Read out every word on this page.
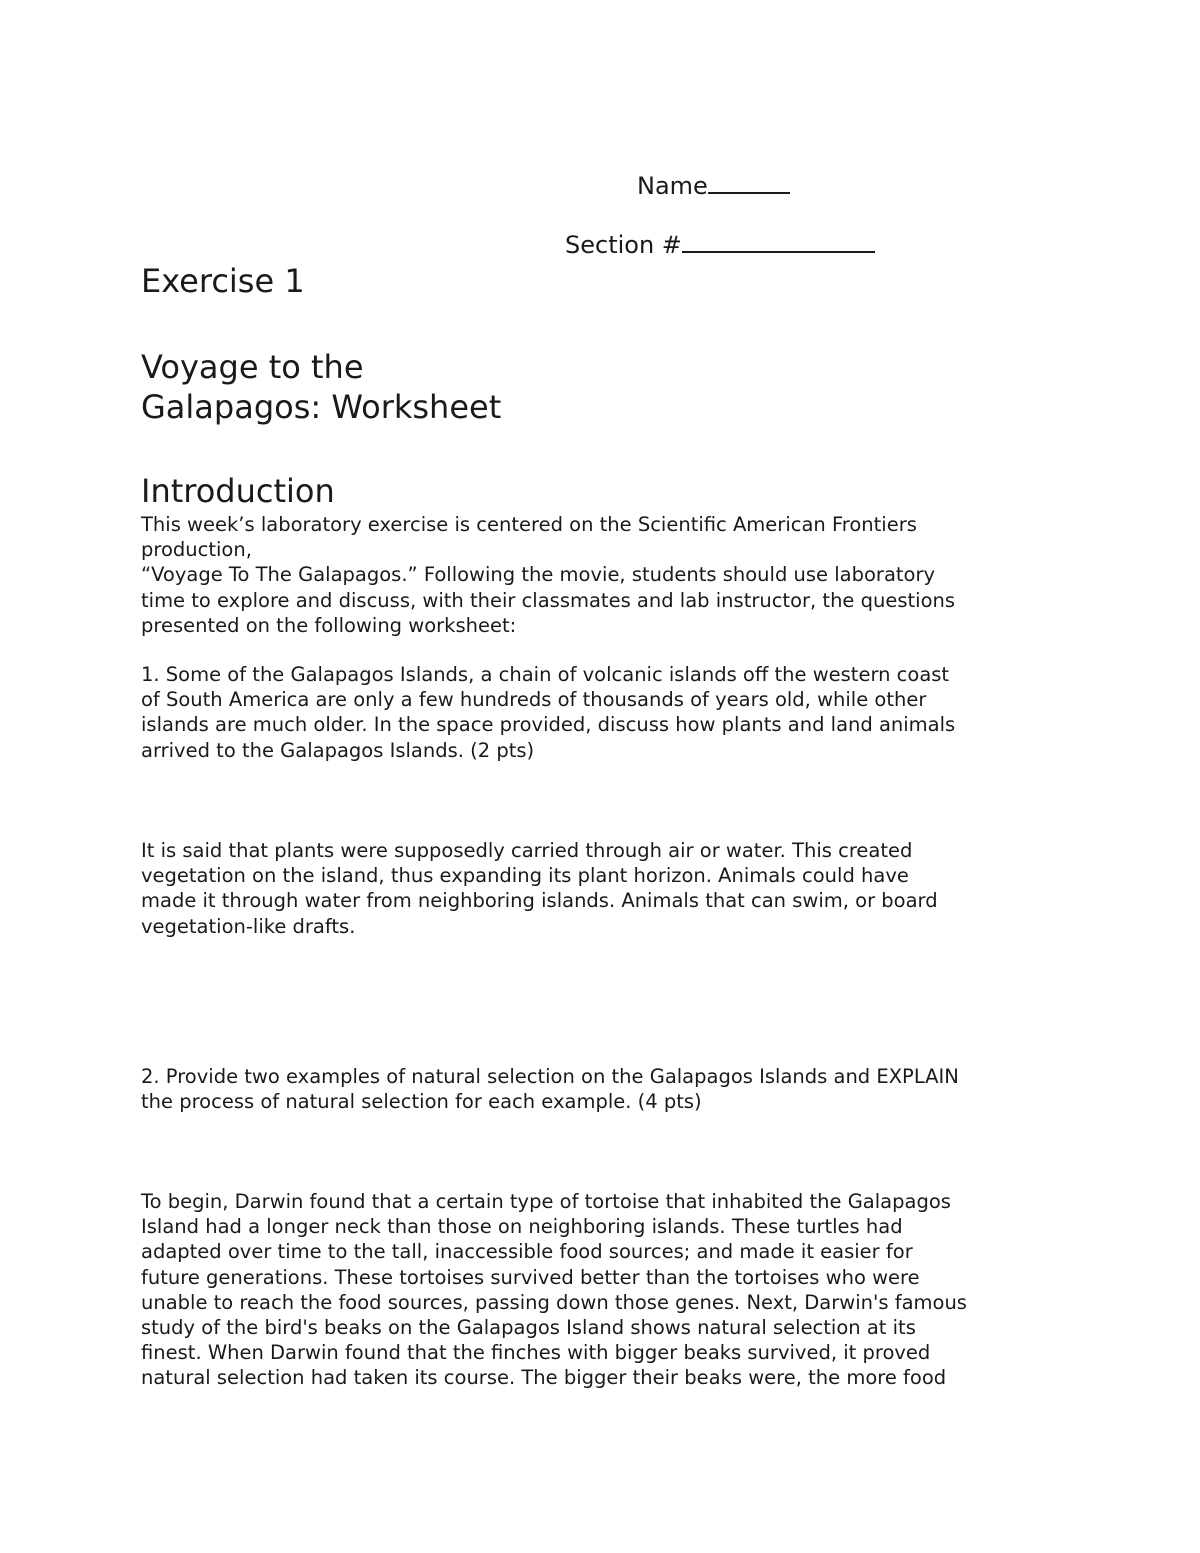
Name
Section #
Exercise 1
Voyage to the
Galapagos: Worksheet
Introduction
This week’s laboratory exercise is centered on the Scientific American Frontiers
production,
“Voyage To The Galapagos.” Following the movie, students should use laboratory
time to explore and discuss, with their classmates and lab instructor, the questions
presented on the following worksheet:
1. Some of the Galapagos Islands, a chain of volcanic islands off the western coast
of South America are only a few hundreds of thousands of years old, while other
islands are much older. In the space provided, discuss how plants and land animals
arrived to the Galapagos Islands. (2 pts)
It is said that plants were supposedly carried through air or water. This created
vegetation on the island, thus expanding its plant horizon. Animals could have
made it through water from neighboring islands. Animals that can swim, or board
vegetation-like drafts.
2. Provide two examples of natural selection on the Galapagos Islands and EXPLAIN
the process of natural selection for each example. (4 pts)
To begin, Darwin found that a certain type of tortoise that inhabited the Galapagos
Island had a longer neck than those on neighboring islands. These turtles had
adapted over time to the tall, inaccessible food sources; and made it easier for
future generations. These tortoises survived better than the tortoises who were
unable to reach the food sources, passing down those genes. Next, Darwin's famous
study of the bird's beaks on the Galapagos Island shows natural selection at its
finest. When Darwin found that the finches with bigger beaks survived, it proved
natural selection had taken its course. The bigger their beaks were, the more food
